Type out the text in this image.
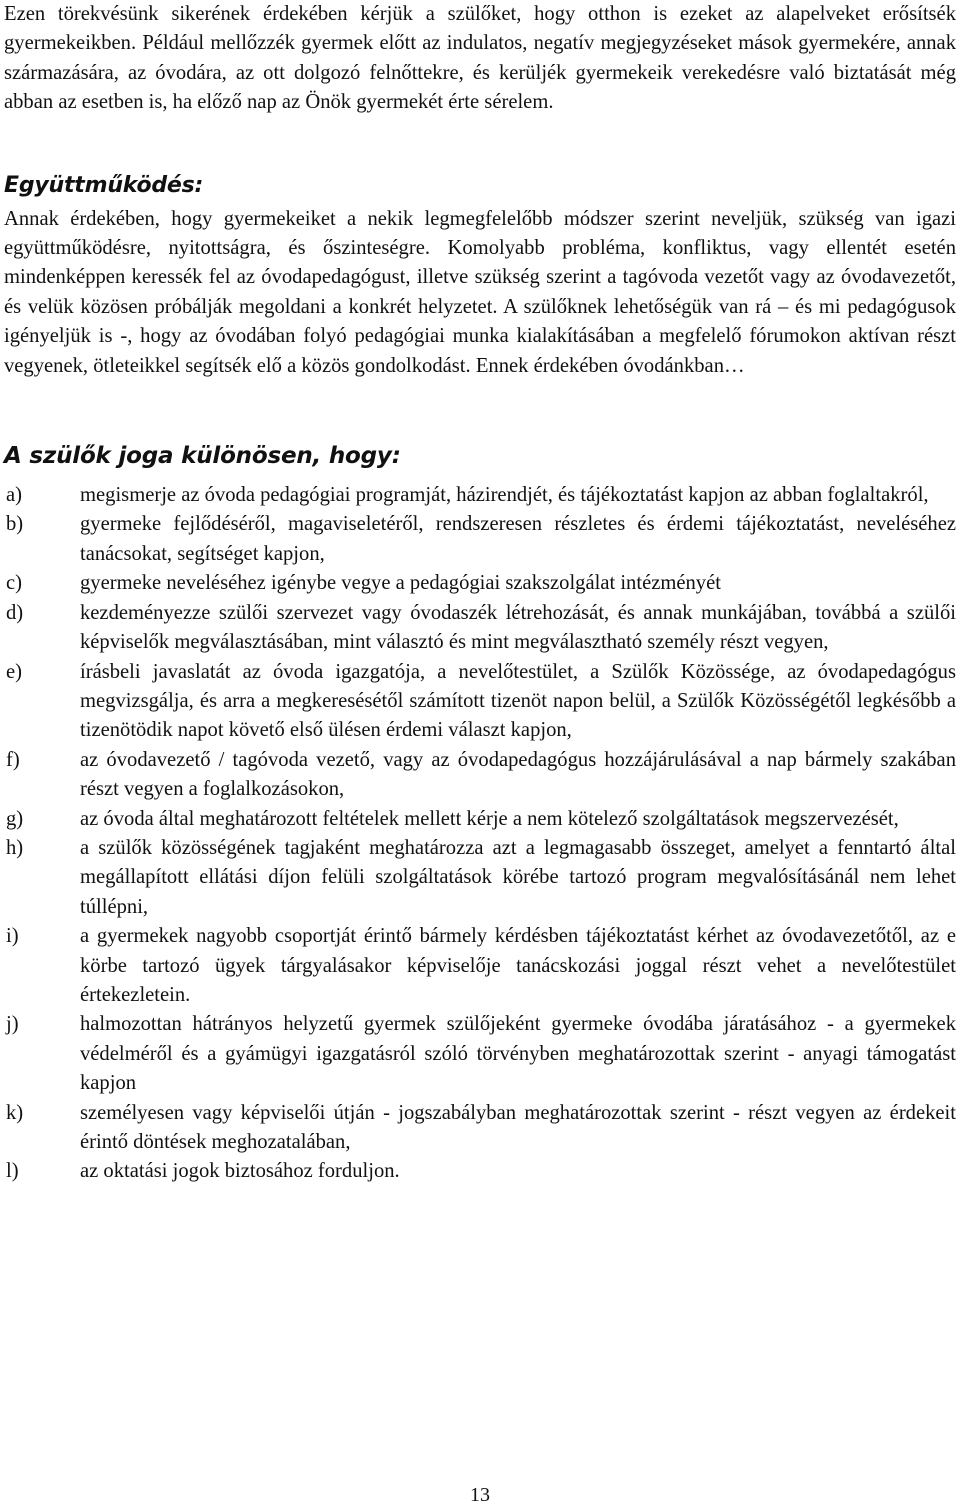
Ezen törekvésünk sikerének érdekében kérjük a szülőket, hogy otthon is ezeket az alapelveket erősítsék gyermekeikben. Például mellőzzék gyermek előtt az indulatos, negatív megjegyzéseket mások gyermekére, annak származására, az óvodára, az ott dolgozó felnőttekre, és kerüljék gyermekeik verekedésre való biztatását még abban az esetben is, ha előző nap az Önök gyermekét érte sérelem.

Együttműködés:

Annak érdekében, hogy gyermekeiket a nekik legmegfelelőbb módszer szerint neveljük, szükség van igazi együttműködésre, nyitottságra, és őszinteségre. Komolyabb probléma, konfliktus, vagy ellentét esetén mindenképpen keressék fel az óvodapedagógust, illetve szükség szerint a tagóvoda vezetőt vagy az óvodavezetőt, és velük közösen próbálják megoldani a konkrét helyzetet. A szülőknek lehetőségük van rá – és mi pedagógusok igényeljük is -, hogy az óvodában folyó pedagógiai munka kialakításában a megfelelő fórumokon aktívan részt vegyenek, ötleteikkel segítsék elő a közös gondolkodást. Ennek érdekében óvodánkban…

A szülők joga különösen, hogy:
a)	megismerje az óvoda pedagógiai programját, házirendjét, és tájékoztatást kapjon az abban foglaltakról,
b)	gyermeke fejlődéséről, magaviseletéről, rendszeresen részletes és érdemi tájékoztatást, neveléséhez tanácsokat, segítséget kapjon,
c)	gyermeke neveléséhez igénybe vegye a pedagógiai szakszolgálat intézményét
d)	kezdeményezze szülői szervezet vagy óvodaszék létrehozását, és annak munkájában, továbbá a szülői képviselők megválasztásában, mint választó és mint megválasztható személy részt vegyen,
e)	írásbeli javaslatát az óvoda igazgatója, a nevelőtestület, a Szülők Közössége, az óvodapedagógus megvizsgálja, és arra a megkeresésétől számított tizenöt napon belül, a Szülők Közösségétől legkésőbb a tizenötödik napot követő első ülésen érdemi választ kapjon,
f)	az óvodavezető / tagóvoda vezető, vagy az óvodapedagógus hozzájárulásával a nap bármely szakában részt vegyen a foglalkozásokon,
g)	az óvoda által meghatározott feltételek mellett kérje a nem kötelező szolgáltatások megszervezését,
h)	a szülők közösségének tagjaként meghatározza azt a legmagasabb összeget, amelyet a fenntartó által megállapított ellátási díjon felüli szolgáltatások körébe tartozó program megvalósításánál nem lehet túllépni,
i)	a gyermekek nagyobb csoportját érintő bármely kérdésben tájékoztatást kérhet az óvodavezetőtől, az e körbe tartozó ügyek tárgyalásakor képviselője tanácskozási joggal részt vehet a nevelőtestület értekezletein.
j)	halmozottan hátrányos helyzetű gyermek szülőjeként gyermeke óvodába járatásához - a gyermekek védelméről és a gyámügyi igazgatásról szóló törvényben meghatározottak szerint - anyagi támogatást kapjon
k)	személyesen vagy képviselői útján - jogszabályban meghatározottak szerint - részt vegyen az érdekeit érintő döntések meghozatalában,
l)	az oktatási jogok biztosához forduljon.
13
